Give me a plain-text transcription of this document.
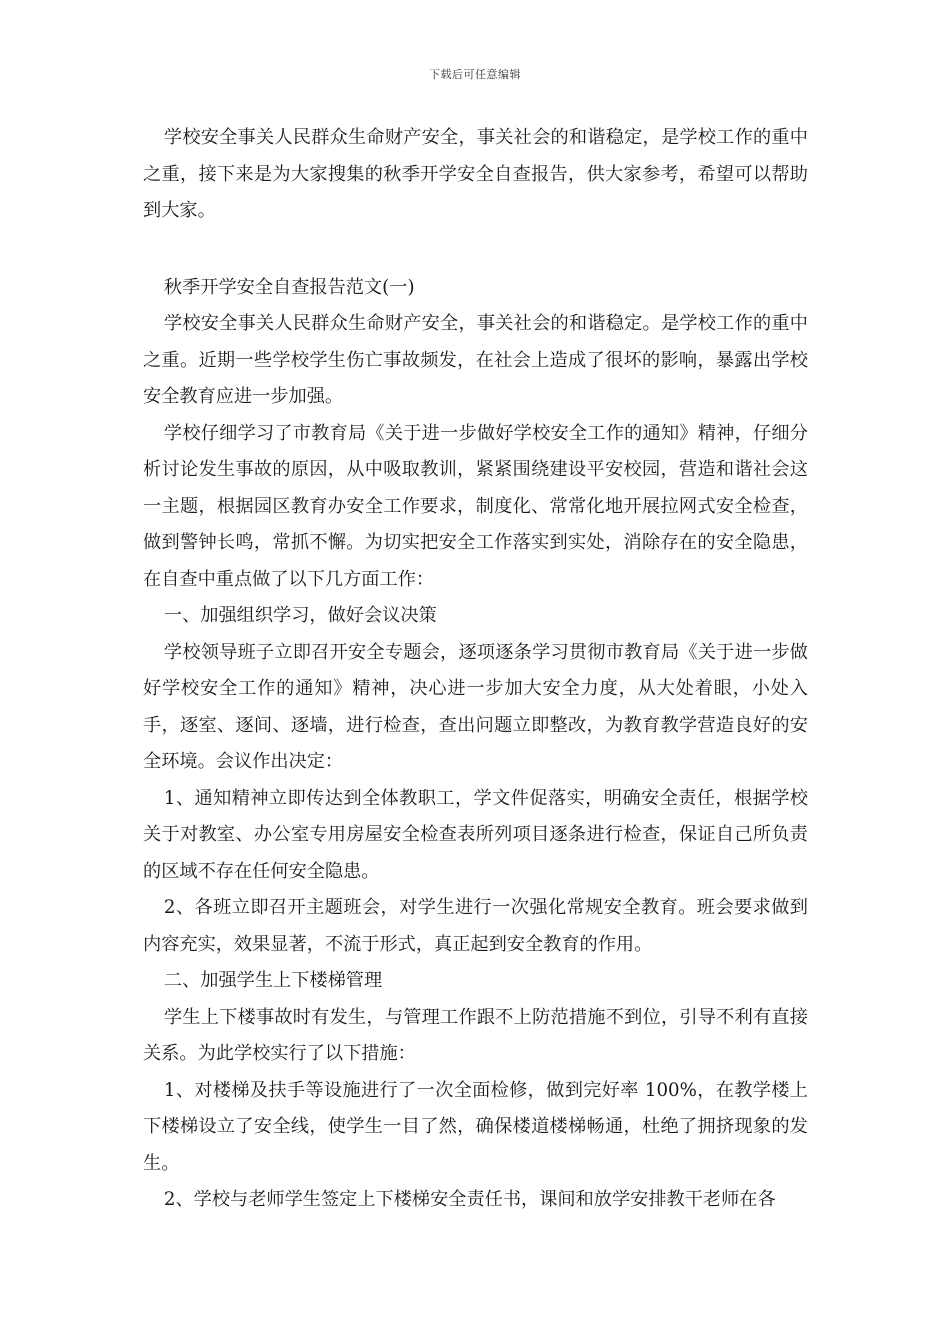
下载后可任意编辑

学校安全事关人民群众生命财产安全，事关社会的和谐稳定，是学校工作的重中之重，接下来是为大家搜集的秋季开学安全自查报告，供大家参考，希望可以帮助到大家。

秋季开学安全自查报告范文(一)

学校安全事关人民群众生命财产安全，事关社会的和谐稳定。是学校工作的重中之重。近期一些学校学生伤亡事故频发，在社会上造成了很坏的影响，暴露出学校安全教育应进一步加强。

学校仔细学习了市教育局《关于进一步做好学校安全工作的通知》精神，仔细分析讨论发生事故的原因，从中吸取教训，紧紧围绕建设平安校园，营造和谐社会这一主题，根据园区教育办安全工作要求，制度化、常常化地开展拉网式安全检查，做到警钟长鸣，常抓不懈。为切实把安全工作落实到实处，消除存在的安全隐患，在自查中重点做了以下几方面工作：

一、加强组织学习，做好会议决策

学校领导班子立即召开安全专题会，逐项逐条学习贯彻市教育局《关于进一步做好学校安全工作的通知》精神，决心进一步加大安全力度，从大处着眼，小处入手，逐室、逐间、逐墙，进行检查，查出问题立即整改，为教育教学营造良好的安全环境。会议作出决定：

1、通知精神立即传达到全体教职工，学文件促落实，明确安全责任，根据学校关于对教室、办公室专用房屋安全检查表所列项目逐条进行检查，保证自己所负责的区域不存在任何安全隐患。

2、各班立即召开主题班会，对学生进行一次强化常规安全教育。班会要求做到内容充实，效果显著，不流于形式，真正起到安全教育的作用。

二、加强学生上下楼梯管理

学生上下楼事故时有发生，与管理工作跟不上防范措施不到位，引导不利有直接关系。为此学校实行了以下措施：

1、对楼梯及扶手等设施进行了一次全面检修，做到完好率 100%，在教学楼上下楼梯设立了安全线，使学生一目了然，确保楼道楼梯畅通，杜绝了拥挤现象的发生。

2、学校与老师学生签定上下楼梯安全责任书，课间和放学安排教干老师在各
